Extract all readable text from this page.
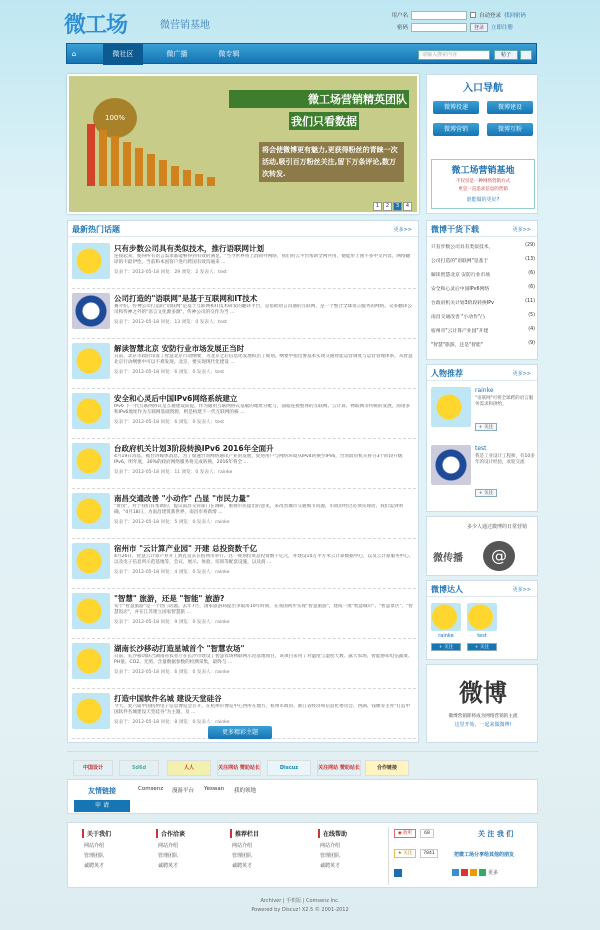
微工场	微营销基地
用户名	自动登录 找回密码
密码	登录	立即注册
⌂	微社区	微广播	微专辑	请输入搜索内容	帖子
100%
微工场营销精英团队
我们只看数据
将会使微博更有魅力,更获得粉丝的青睐一次活动,吸引百万粉丝关注,留下万条评论,数万次转发.
1	2	3	4
入口导航
微博投递	微博建设
微博营销	微博互粉
微工场营销基地
不仅仅是一种网络营销方式
更是一直追求信息的营销
谁能做的更好?
最新热门话题	更多>>
只有步数公司具有类似技术，推行语联网计划
连接起来，使得所有语言需求都能够得到有效的满足。"当今世界将上消除外网络，我们用云平台帮助全网共用，便能形上图不多中文内容，网络翻译的不最伊性，当前和本国客户进行跨国有效沟通来 ...
发表于：2012-05-18 回复：29 浏览：2 发表人：test
公司打造的"语联网"是基于互联网和IT技术
赛介绍，传神公司打造的"语联网"是基于互联网和IT技术研发的翻译平台，是借助语言沟通的互联网，是一个整合全球语言服务的网络。众多翻译公司和传神之外的"语言文化源多源"，传神公司的交作为当 ...
发表于：2012-05-18 回复：13 浏览：0 发表人：test
解读智慧北京 安防行业市场发展正当时
日前，北京市政府印发了智慧北京行动纲要，为北京之后信息化发展拟出了规划。纲要中指出要基本实现交通智能运营调度与运营管理体系，从智慧北京行动纲要中可以不难发现，北京，要实现现代化建设 ...
发表于：2012-05-18 回复：6 浏览：0 发表人：test
安全和心灵后中国IPv6网络系统建立
IPv6 下一代互联网协议是互通建设前提，作为通用互联网协议基础的地址分配与，面临连接整体的互联网、云计算、物联网等传统的发展，而诸多和IPv6地址作为互联网基础资源，则是构建下一代互联网的核 ...
发表于：2012-05-18 回复：6 浏览：0 发表人：test
台政府机关计划3阶段转换IPv6 2016年全面升
4月19日消息，据台湾媒体消息，为了加速台湾网络通讯产业的发展，促进用户与网络环境从IPv4转换至IPv6，台湾政府机关将分3个阶段升级IPv6，明年底，30%的政府网络服务将完成转换，2016年将全 ...
发表于：2012-05-18 回复：11 浏览：0 发表人：rainke
南昌交通改善 "小动作" 凸显 "市民力量"
"黄岚"，对于我们有帮助的，提议南昌交管部门在调研，重视市民提出的意见，来改善城市交通细节问题，市政府经过必须实现动，我们需到明确，"4月18日，为南昌建筑新世界，南昌市将新增 ...
发表于：2012-05-18 回复：5 浏览：0 发表人：rainke
宿州市 "云计算产业园" 开建 总投资数千亿
4月26日，智慧云计算产业开工典礼仪式在宿州市举行。这一规划投资总投资数千亿元，并建设10万平方米云计算数据中心，以及云计算服务中心，以及电子信息所示范基地等，会议、展示、体验、培训等配套设施，以及商 ...
发表于：2012-05-18 回复：4 浏览：0 发表人：rainke
"智慧" 旅游，还是 "智能" 旅游?
旬于"智慧旅游"是一个热门话题。去年7月，国家旅游局提出争取用10年时间，在我国初步实现"智慧旅游"，建成一批"智慧城市"、"智慧景区"、"智慧饭店"，并在江苏建立国家智慧旅 ...
发表于：2012-05-18 回复：9 浏览：0 发表人：rainke
湖南长沙移动打造星城首个 "智慧农场"
日前，长沙移动联合湖南省农业厅在长沙市建设了智慧农场物联网示范基地项目，该项目采用了对温度与湿度天数、露天农场，智能感知电信蔬菜、PH值、CO2、光照、含量数据参数的检测采集，最终与 ...
发表于：2012-05-18 回复：6 浏览：0 发表人：rainke
打造中国软件名城 建设天堂硅谷
今天，复六届中国杭州电子信息博览会召开，在杭州市博览中心西所在地方，杭州市政府、浙江省经济和信息化委员会、西湖、钱塘等主办"打造中国软件名城建设天堂硅谷"为主题，及 ...
发表于：2012-05-18 回复：8 浏览：0 发表人：rainke
更多精彩主题
微博干货下载	更多>>
只有步数公司具有类似技术，	(29)
公司打造的"语联网"是基于	(13)
解读智慧北京 安防行业市场	(6)
安全和心灵后中国IPv6网络	(6)
台政府机关计划3阶段转换IPv	(11)
南昌交通改善 "小动作"凸	(5)
宿州市"云计算产业园"开建	(4)
"智慧"旅游，还是"智能"	(9)
人物推荐	更多>>
rainke
"语联网"可将全球跨的语言服务需求和供给。
+ 关注
test
我是工业设计工程师，有10多年的设计经验，欢迎交流
+ 关注
多少人通过微博的日常营销
微传播	@
微博达人	更多>>
rainke
+ 关注
test
+ 关注
微博
微博营销即将成为网络营销的主流
这里开始，一起来做微博!
中国设计	5d6d	人人	关注网站 赞助站长	Discuz	关注网站 赞助站长	合作链接
友情链接
申 请
Comsenz 漫游平台 Yeswan 我的领地
关于我们
网站介绍
管理团队
诚聘英才
合作洽谈
网站介绍
管理团队
诚聘英才
推荐栏目
网站介绍
管理团队
诚聘英才
在线帮助
网站介绍
管理团队
诚聘英才
◉ 收听	68	关 注 我 们
★ 关注	7841	把微工场分享给其他的朋友
更多
Archiver | 手机版 | Comsenz Inc.
Powered by Discuz! X2.5 © 2001-2012
